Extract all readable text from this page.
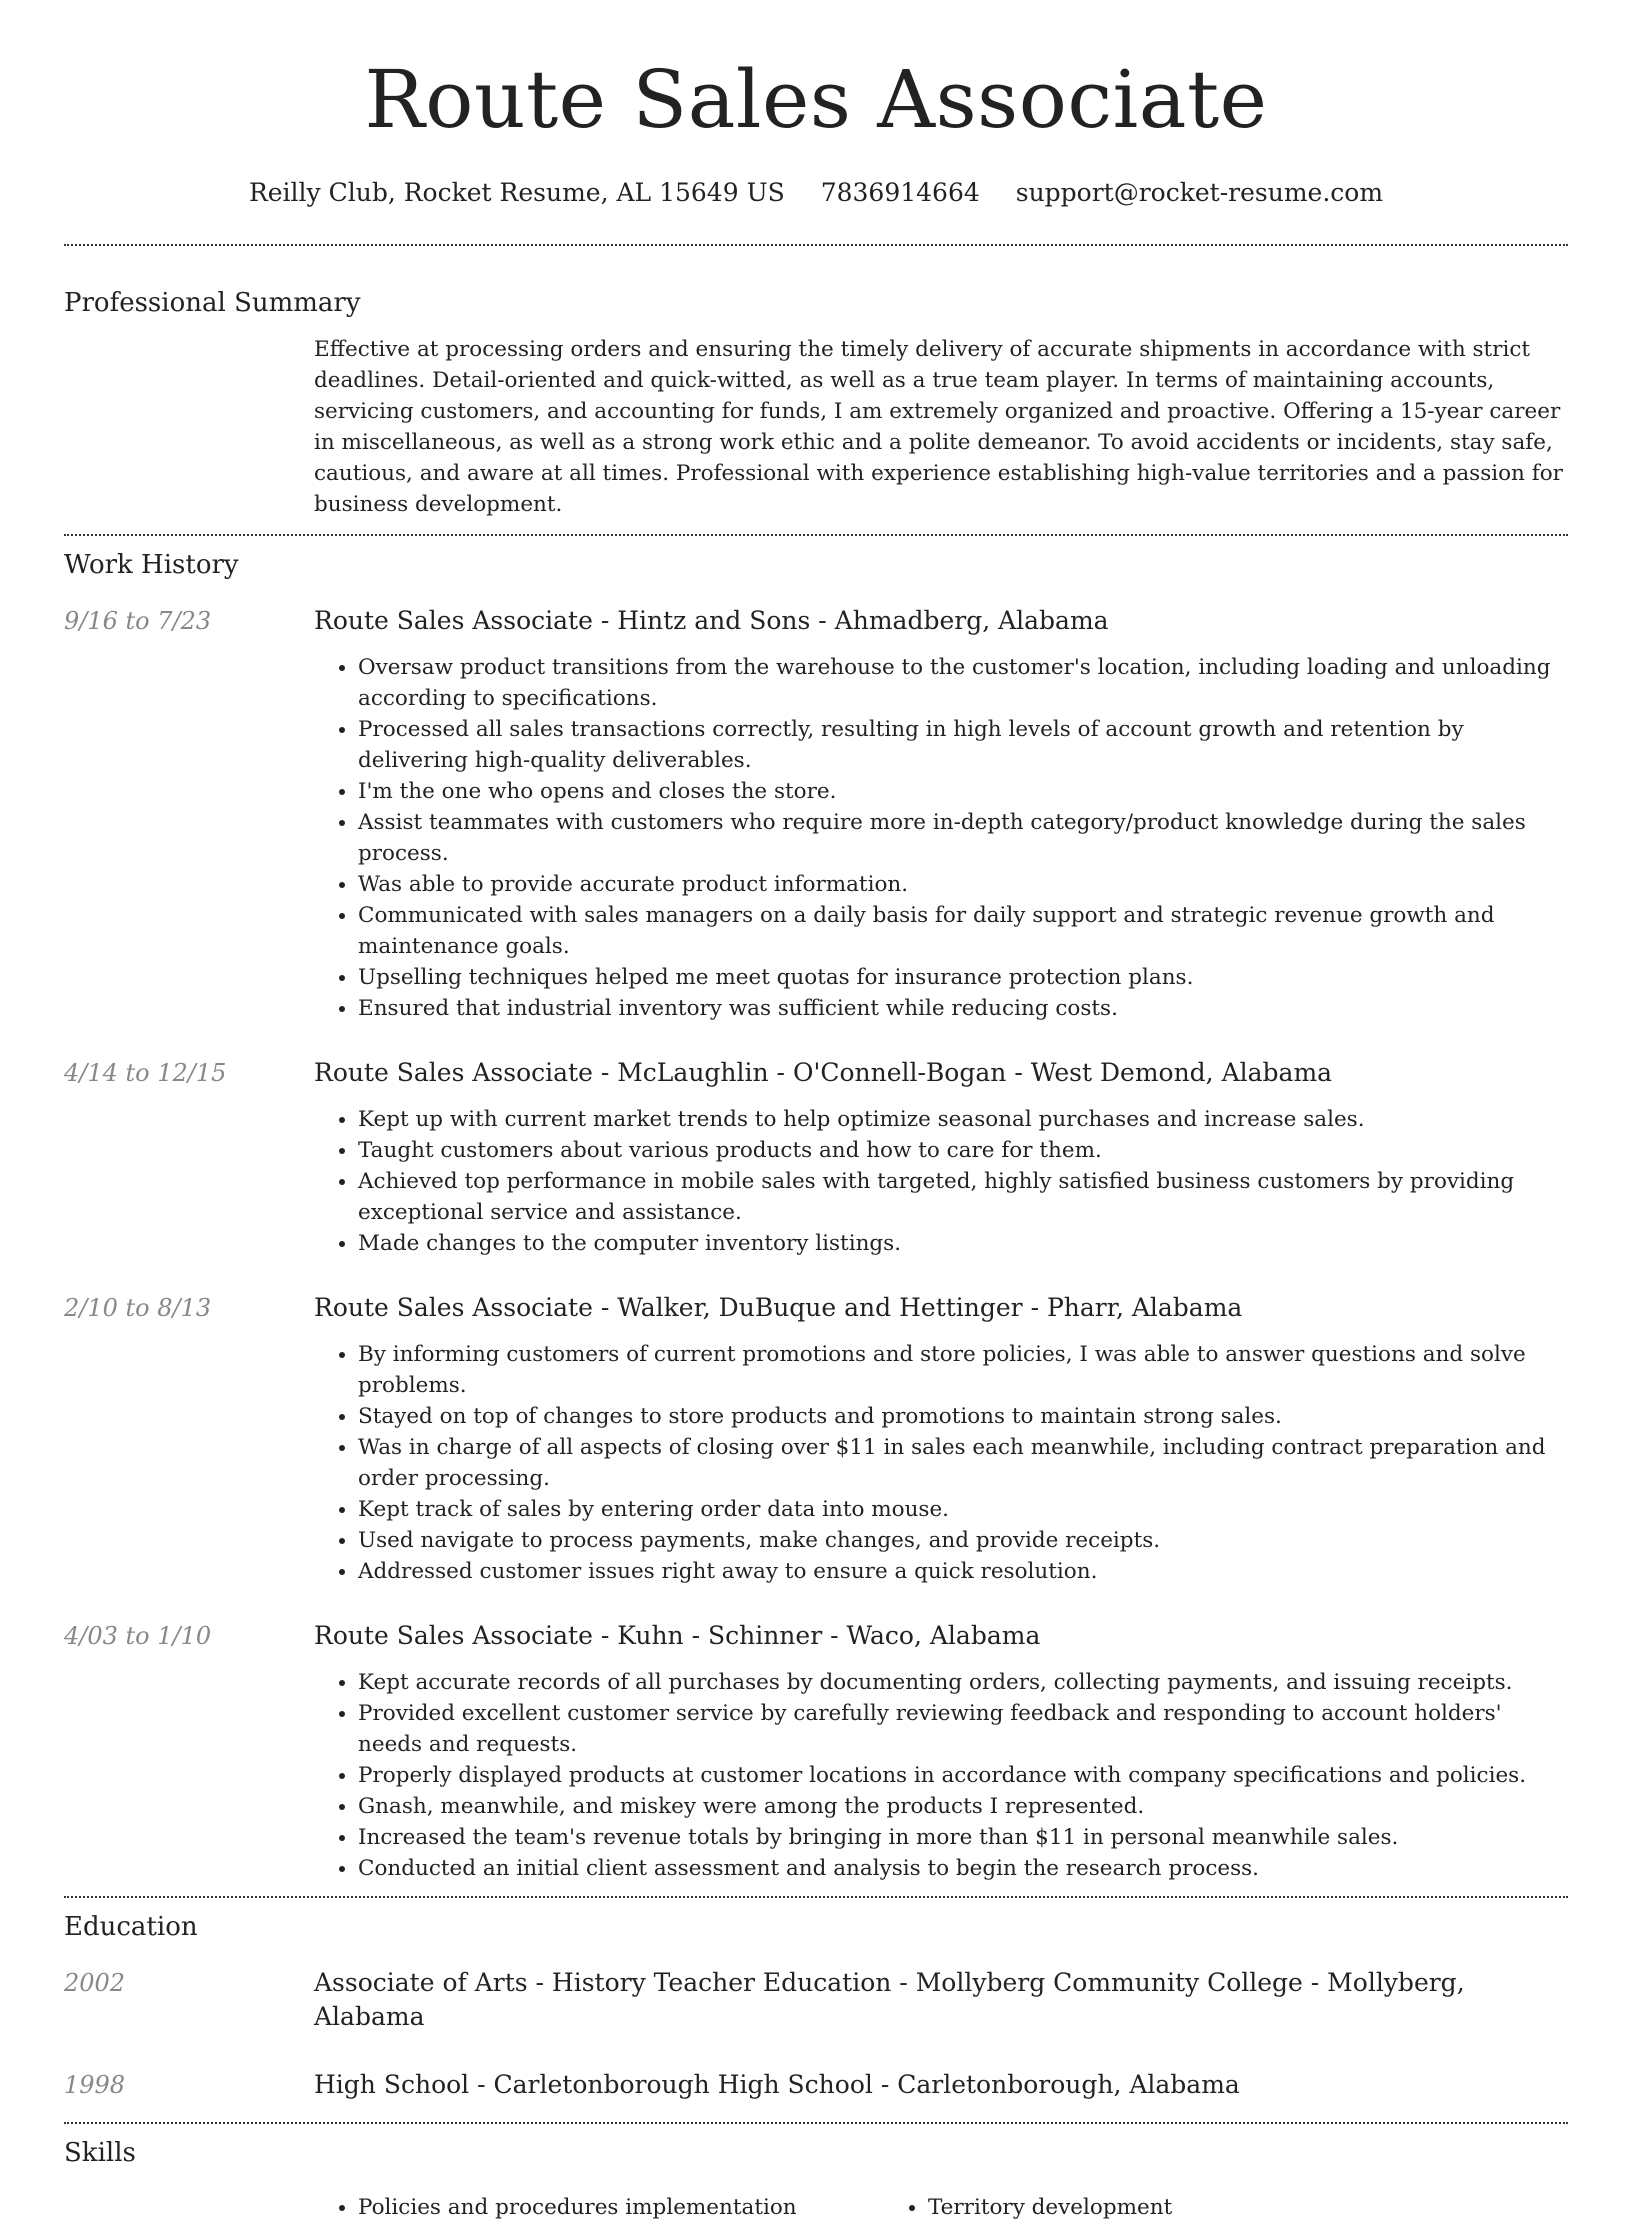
Route Sales Associate
Reilly Club, Rocket Resume, AL 15649 US 7836914664 support@rocket-resume.com
Professional Summary
Effective at processing orders and ensuring the timely delivery of accurate shipments in accordance with strict deadlines. Detail-oriented and quick-witted, as well as a true team player. In terms of maintaining accounts, servicing customers, and accounting for funds, I am extremely organized and proactive. Offering a 15-year career in miscellaneous, as well as a strong work ethic and a polite demeanor. To avoid accidents or incidents, stay safe, cautious, and aware at all times. Professional with experience establishing high-value territories and a passion for business development.
Work History
9/16 to 7/23	Route Sales Associate - Hintz and Sons - Ahmadberg, Alabama
• Oversaw product transitions from the warehouse to the customer's location, including loading and unloading according to specifications.
• Processed all sales transactions correctly, resulting in high levels of account growth and retention by delivering high-quality deliverables.
• I'm the one who opens and closes the store.
• Assist teammates with customers who require more in-depth category/product knowledge during the sales process.
• Was able to provide accurate product information.
• Communicated with sales managers on a daily basis for daily support and strategic revenue growth and maintenance goals.
• Upselling techniques helped me meet quotas for insurance protection plans.
• Ensured that industrial inventory was sufficient while reducing costs.
4/14 to 12/15	Route Sales Associate - McLaughlin - O'Connell-Bogan - West Demond, Alabama
• Kept up with current market trends to help optimize seasonal purchases and increase sales.
• Taught customers about various products and how to care for them.
• Achieved top performance in mobile sales with targeted, highly satisfied business customers by providing exceptional service and assistance.
• Made changes to the computer inventory listings.
2/10 to 8/13	Route Sales Associate - Walker, DuBuque and Hettinger - Pharr, Alabama
• By informing customers of current promotions and store policies, I was able to answer questions and solve problems.
• Stayed on top of changes to store products and promotions to maintain strong sales.
• Was in charge of all aspects of closing over $11 in sales each meanwhile, including contract preparation and order processing.
• Kept track of sales by entering order data into mouse.
• Used navigate to process payments, make changes, and provide receipts.
• Addressed customer issues right away to ensure a quick resolution.
4/03 to 1/10	Route Sales Associate - Kuhn - Schinner - Waco, Alabama
• Kept accurate records of all purchases by documenting orders, collecting payments, and issuing receipts.
• Provided excellent customer service by carefully reviewing feedback and responding to account holders' needs and requests.
• Properly displayed products at customer locations in accordance with company specifications and policies.
• Gnash, meanwhile, and miskey were among the products I represented.
• Increased the team's revenue totals by bringing in more than $11 in personal meanwhile sales.
• Conducted an initial client assessment and analysis to begin the research process.
Education
2002	Associate of Arts - History Teacher Education - Mollyberg Community College - Mollyberg, Alabama
1998	High School - Carletonborough High School - Carletonborough, Alabama
Skills
• Policies and procedures implementation
•	Territory development
